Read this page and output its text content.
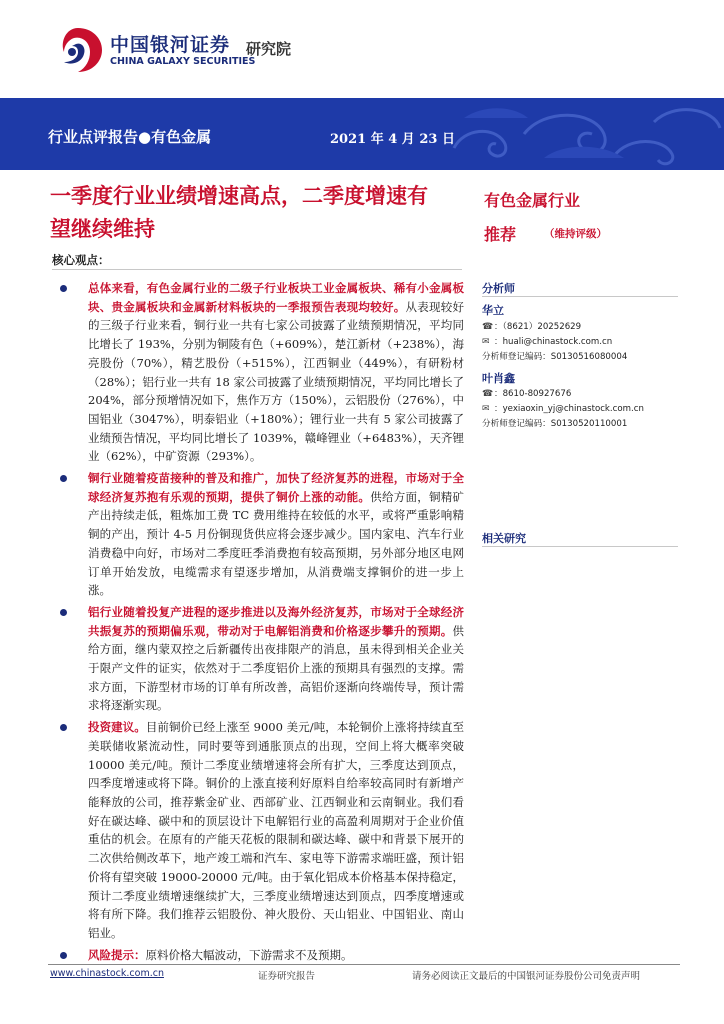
中国银河证券
CHINA GALAXY SECURITIES
研究院
行业点评报告●有色金属	2021 年 4 月 23 日
一季度行业业绩增速高点，二季度增速有望继续维持
有色金属行业
推荐	（维持评级）
核心观点：
总体来看，有色金属行业的二级子行业板块工业金属板块、稀有小金属板块、贵金属板块和金属新材料板块的一季报预告表现均较好。从表现较好的三级子行业来看，铜行业一共有七家公司披露了业绩预期情况，平均同比增长了 193%，分别为铜陵有色（+609%），楚江新材（+238%），海亮股份（70%），精艺股份（+515%），江西铜业（449%），有研粉材（28%）；铝行业一共有 18 家公司披露了业绩预期情况，平均同比增长了 204%，部分预增情况如下，焦作万方（150%），云铝股份（276%），中国铝业（3047%），明泰铝业（+180%）；锂行业一共有 5 家公司披露了业绩预告情况，平均同比增长了 1039%，赣峰锂业（+6483%），天齐锂业（62%），中矿资源（293%）。
铜行业随着疫苗接种的普及和推广，加快了经济复苏的进程，市场对于全球经济复苏抱有乐观的预期，提供了铜价上涨的动能。供给方面，铜精矿产出持续走低，粗炼加工费 TC 费用维持在较低的水平，或将严重影响精铜的产出，预计 4-5 月份铜现货供应将会逐步减少。国内家电、汽车行业消费稳中向好，市场对二季度旺季消费抱有较高预期，另外部分地区电网订单开始发放，电缆需求有望逐步增加，从消费端支撑铜价的进一步上涨。
铝行业随着投复产进程的逐步推进以及海外经济复苏，市场对于全球经济共振复苏的预期偏乐观，带动对于电解铝消费和价格逐步攀升的预期。供给方面，继内蒙双控之后新疆传出夜排限产的消息，虽未得到相关企业关于限产文件的证实，依然对于二季度铝价上涨的预期具有强烈的支撑。需求方面，下游型材市场的订单有所改善，高铝价逐渐向终端传导，预计需求将逐渐实现。
投资建议。目前铜价已经上涨至 9000 美元/吨，本轮铜价上涨将持续直至美联储收紧流动性，同时要等到通胀顶点的出现，空间上将大概率突破 10000 美元/吨。预计二季度业绩增速将会所有扩大，三季度达到顶点，四季度增速或将下降。铜价的上涨直接利好原料自给率较高同时有新增产能释放的公司，推荐紫金矿业、西部矿业、江西铜业和云南铜业。我们看好在碳达峰、碳中和的顶层设计下电解铝行业的高盈利周期对于企业价值重估的机会。在原有的产能天花板的限制和碳达峰、碳中和背景下展开的二次供给侧改革下，地产竣工端和汽车、家电等下游需求端旺盛，预计铝价将有望突破 19000-20000 元/吨。由于氧化铝成本价格基本保持稳定，预计二季度业绩增速继续扩大，三季度业绩增速达到顶点，四季度增速或将有所下降。我们推荐云铝股份、神火股份、天山铝业、中国铝业、南山铝业。
风险提示：原料价格大幅波动，下游需求不及预期。
分析师
华立
☎：（8621）20252629
✉ ：huali@chinastock.com.cn
分析师登记编码：S0130516080004
叶肖鑫
☎：8610-80927676
✉ ：yexiaoxin_yj@chinastock.com.cn
分析师登记编码：S0130520110001
相关研究
www.chinastock.com.cn	证券研究报告	请务必阅读正文最后的中国银河证券股份公司免责声明
